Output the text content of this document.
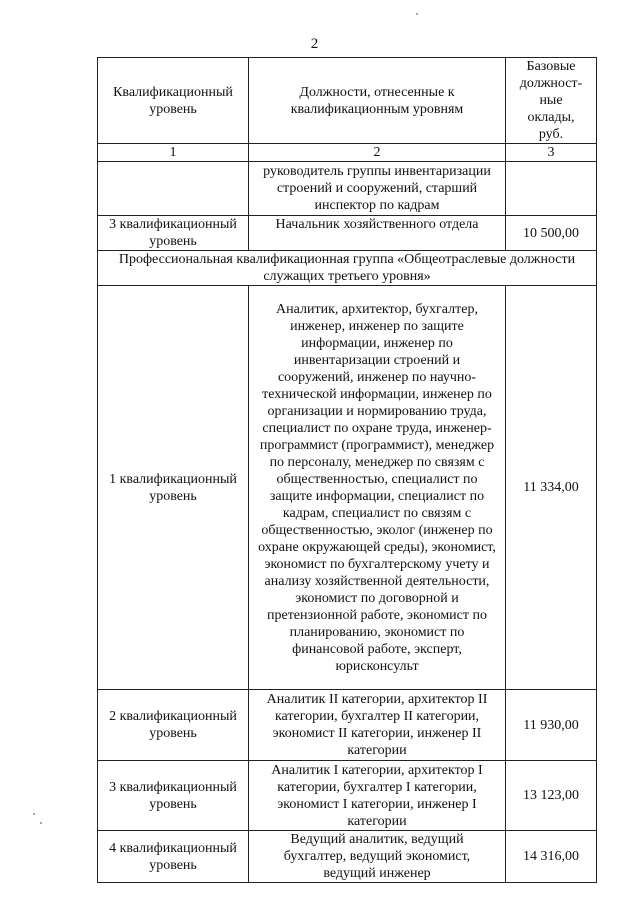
2
Квалификационный уровень	Должности, отнесенные к квалификационным уровням	Базовые должност-ные оклады, руб.
1	2	3
	руководитель группы инвентаризации строений и сооружений, старший инспектор по кадрам	
3 квалификационный уровень	Начальник хозяйственного отдела	10 500,00
Профессиональная квалификационная группа «Общеотраслевые должности служащих третьего уровня»		
1 квалификационный уровень	Аналитик, архитектор, бухгалтер, инженер, инженер по защите информации, инженер по инвентаризации строений и сооружений, инженер по научно-технической информации, инженер по организации и нормированию труда, специалист по охране труда, инженер-программист (программист), менеджер по персоналу, менеджер по связям с общественностью, специалист по защите информации, специалист по кадрам, специалист по связям с общественностью, эколог (инженер по охране окружающей среды), экономист, экономист по бухгалтерскому учету и анализу хозяйственной деятельности, экономист по договорной и претензионной работе, экономист по планированию, экономист по финансовой работе, эксперт, юрисконсульт	11 334,00
2 квалификационный уровень	Аналитик II категории, архитектор II категории, бухгалтер II категории, экономист II категории, инженер II категории	11 930,00
3 квалификационный уровень	Аналитик I категории, архитектор I категории, бухгалтер I категории, экономист I категории, инженер I категории	13 123,00
4 квалификационный уровень	Ведущий аналитик, ведущий бухгалтер, ведущий экономист, ведущий инженер	14 316,00
